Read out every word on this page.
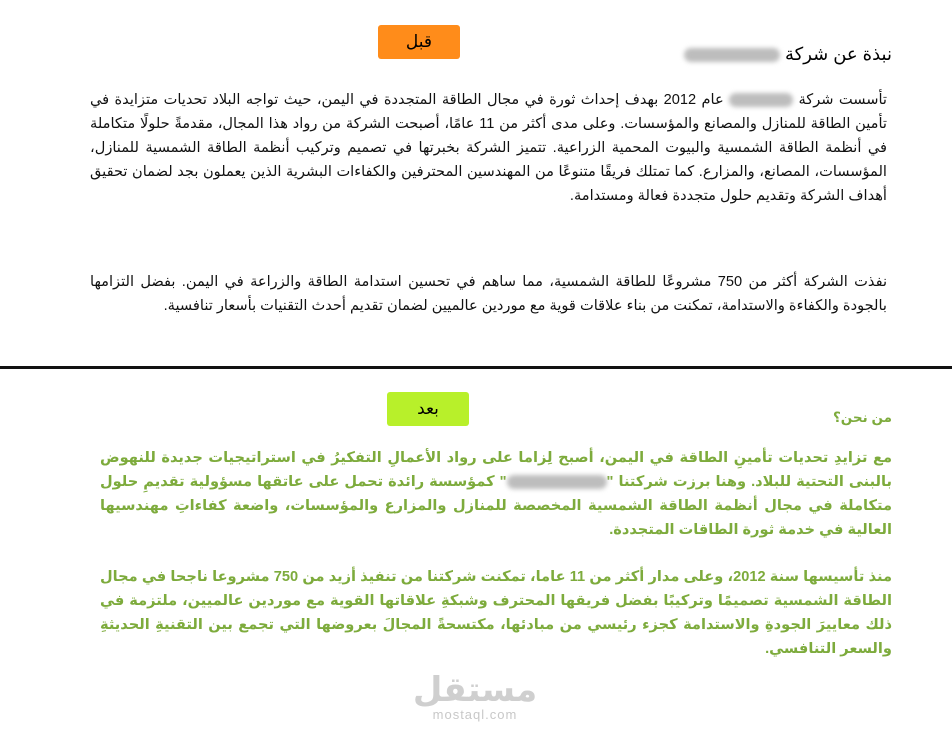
قبل
نبذة عن شركة
تأسست شركة  عام 2012 بهدف إحداث ثورة في مجال الطاقة المتجددة في اليمن، حيث تواجه البلاد تحديات متزايدة في تأمين الطاقة للمنازل والمصانع والمؤسسات. وعلى مدى أكثر من 11 عامًا، أصبحت الشركة من رواد هذا المجال، مقدمةً حلولًا متكاملة في أنظمة الطاقة الشمسية والبيوت المحمية الزراعية. تتميز الشركة بخبرتها في تصميم وتركيب أنظمة الطاقة الشمسية للمنازل، المؤسسات، المصانع، والمزارع. كما تمتلك فريقًا متنوعًا من المهندسين المحترفين والكفاءات البشرية الذين يعملون بجد لضمان تحقيق أهداف الشركة وتقديم حلول متجددة فعالة ومستدامة.
نفذت الشركة أكثر من 750 مشروعًا للطاقة الشمسية، مما ساهم في تحسين استدامة الطاقة والزراعة في اليمن. بفضل التزامها بالجودة والكفاءة والاستدامة، تمكنت من بناء علاقات قوية مع موردين عالميين لضمان تقديم أحدث التقنيات بأسعار تنافسية.
بعد	من نحن؟
مع تزايدِ تحديات تأمينِ الطاقة في اليمن، أصبح لِزاما على رواد الأعمالِ التفكيرُ في استراتيجيات جديدة للنهوض بالبنى التحتية للبلاد. وهنا برزت شركتنا "" كمؤسسة رائدة تحمل على عاتقها مسؤولية تقديمِ حلول متكاملة في مجال أنظمة الطاقة الشمسية المخصصة للمنازل والمزارع والمؤسسات، واضعة كفاءاتِ مهندسيها العالية في خدمة ثورة الطاقات المتجددة.
منذ تأسيسها سنة 2012، وعلى مدار أكثر من 11 عاما، تمكنت شركتنا من تنفيذ أزيد من 750 مشروعا ناجحا في مجال الطاقة الشمسية تصميمًا وتركيبًا بفضل فريقها المحترف وشبكةِ علاقاتها القوية مع موردين عالميين، ملتزمة في ذلك معاييرَ الجودةِ والاستدامة كجزء رئيسي من مبادئها، مكتسحةً المجالَ بعروضها التي تجمع بين التقنيةِ الحديثةِ والسعر التنافسي.
مستقل
mostaql.com
